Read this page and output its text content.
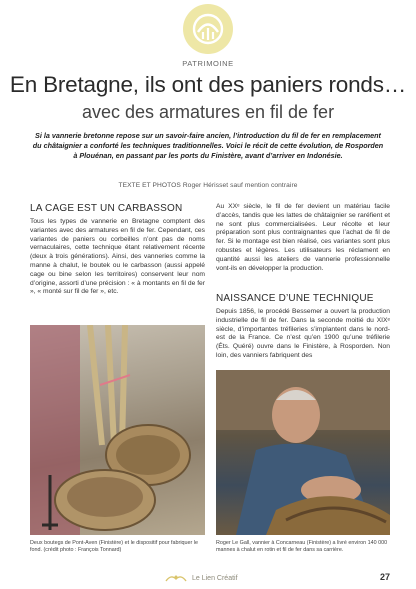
PATRIMOINE
En Bretagne, ils ont des paniers ronds…
avec des armatures en fil de fer
Si la vannerie bretonne repose sur un savoir-faire ancien, l’introduction du fil de fer en remplacement du châtaignier a conforté les techniques traditionnelles. Voici le récit de cette évolution, de Rosporden à Plouénan, en passant par les ports du Finistère, avant d’arriver en Indonésie.
TEXTE ET PHOTOS Roger Hérisset sauf mention contraire
LA CAGE EST UN CARBASSON

Tous les types de vannerie en Bretagne comptent des variantes avec des armatures en fil de fer. Cependant, ces variantes de paniers ou corbeilles n’ont pas de noms vernaculaires, cette technique étant relativement récente (deux à trois générations). Ainsi, des vanneries comme la manne à chalut, le boutek ou le carbasson (aussi appelé cage ou bine selon les territoires) conservent leur nom d’origine, assorti d’une précision : « à montants en fil de fer », « monté sur fil de fer », etc.

Au XXᵉ siècle, le fil de fer devient un matériau facile d’accès, tandis que les lattes de châtaignier se raréfient et ne sont plus commercialisées. Leur récolte et leur préparation sont plus contraignantes que l’achat de fil de fer. Si le montage est bien réalisé, ces variantes sont plus robustes et légères. Les utilisateurs les réclament en quantité aussi les ateliers de vannerie professionnelle vont-ils en développer la production.

NAISSANCE D’UNE TECHNIQUE

Depuis 1856, le procédé Bessemer a ouvert la production industrielle de fil de fer. Dans la seconde moitié du XIXᵉ siècle, d’importantes tréfileries s’implantent dans le nord-est de la France. Ce n’est qu’en 1900 qu’une tréfilerie (Éts. Quéré) ouvre dans le Finistère, à Rosporden. Non loin, des vanniers fabriquent des

Deux boutegs de Pont-Aven (Finistère) et le dispositif pour fabriquer le fond. (crédit photo : François Tonnard)
Roger Le Gall, vannier à Concarneau (Finistère) a livré environ 140 000 mannes à chalut en rotin et fil de fer dans sa carrière.
Le Lien Créatif	27
